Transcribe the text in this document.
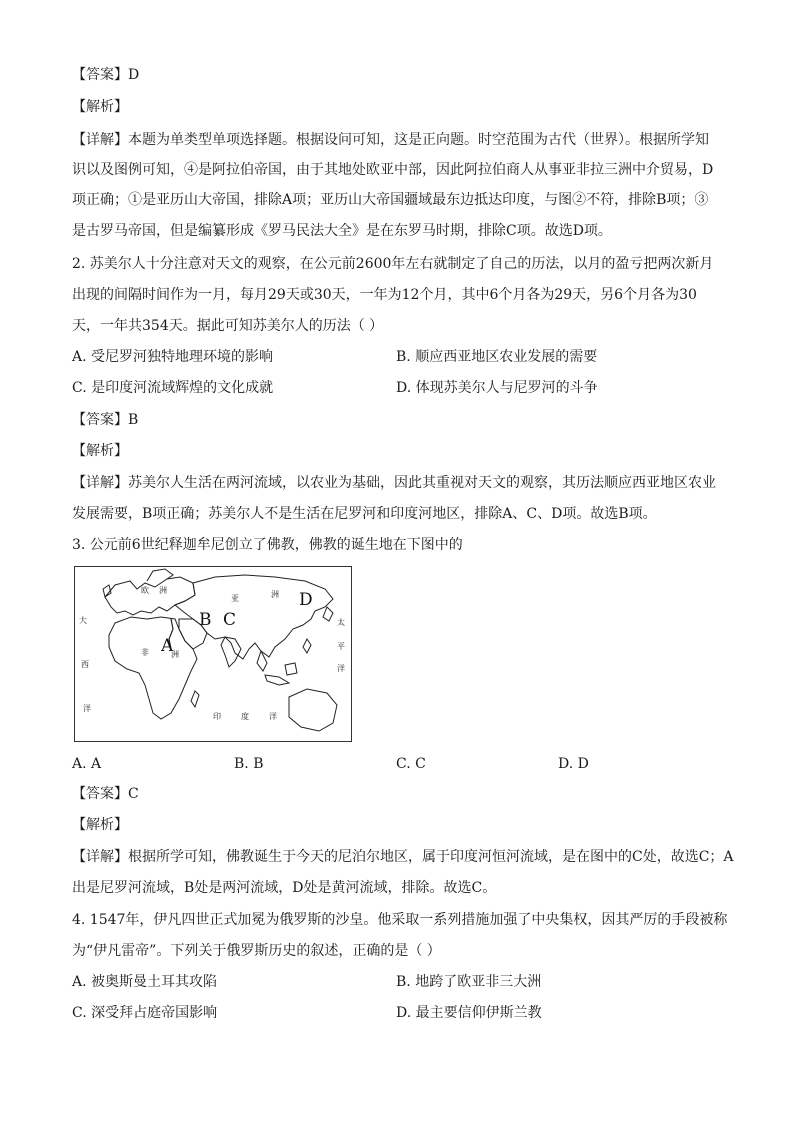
【答案】D
【解析】
【详解】本题为单类型单项选择题。根据设问可知，这是正向题。时空范围为古代（世界）。根据所学知
识以及图例可知，④是阿拉伯帝国，由于其地处欧亚中部，因此阿拉伯商人从事亚非拉三洲中介贸易，D
项正确；①是亚历山大帝国，排除A项；亚历山大帝国疆域最东边抵达印度，与图②不符，排除B项；③
是古罗马帝国，但是编纂形成《罗马民法大全》是在东罗马时期，排除C项。故选D项。
2. 苏美尔人十分注意对天文的观察，在公元前2600年左右就制定了自己的历法，以月的盈亏把两次新月
出现的间隔时间作为一月，每月29天或30天，一年为12个月，其中6个月各为29天，另6个月各为30
天，一年共354天。据此可知苏美尔人的历法（ ）
A. 受尼罗河独特地理环境的影响	B. 顺应西亚地区农业发展的需要
C. 是印度河流域辉煌的文化成就	D. 体现苏美尔人与尼罗河的斗争
【答案】B
【解析】
【详解】苏美尔人生活在两河流域，以农业为基础，因此其重视对天文的观察，其历法顺应西亚地区农业
发展需要，B项正确；苏美尔人不是生活在尼罗河和印度河地区，排除A、C、D项。故选B项。
3. 公元前6世纪释迦牟尼创立了佛教，佛教的诞生地在下图中的
A
B C
D
欧 洲
亚	洲
非	洲
大
西
洋
太
平
洋
印	度	洋
A. A	B. B	C. C	D. D
【答案】C
【解析】
【详解】根据所学可知，佛教诞生于今天的尼泊尔地区，属于印度河恒河流域，是在图中的C处，故选C；A
出是尼罗河流域，B处是两河流域，D处是黄河流域，排除。故选C。
4. 1547年，伊凡四世正式加冕为俄罗斯的沙皇。他采取一系列措施加强了中央集权，因其严厉的手段被称
为“伊凡雷帝”。下列关于俄罗斯历史的叙述，正确的是（ ）
A. 被奥斯曼土耳其攻陷	B. 地跨了欧亚非三大洲
C. 深受拜占庭帝国影响	D. 最主要信仰伊斯兰教
